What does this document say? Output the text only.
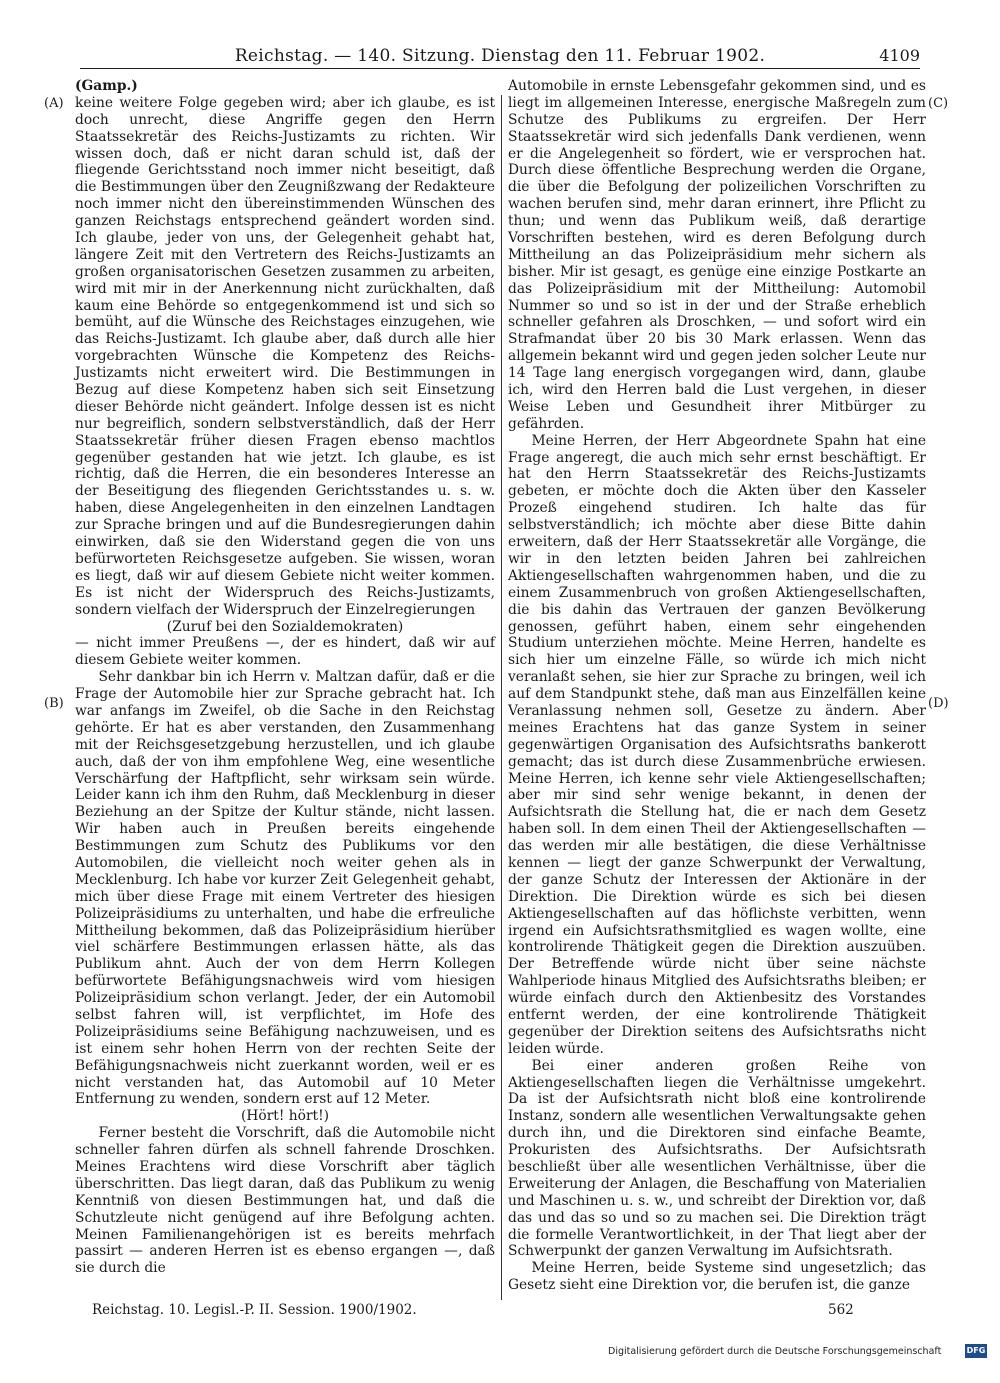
Reichstag. — 140. Sitzung. Dienstag den 11. Februar 1902.	4109
(A)	(C)
(B)	(D)

(Gamp.)

keine weitere Folge gegeben wird; aber ich glaube, es ist doch unrecht, diese Angriffe gegen den Herrn Staatssekretär des Reichs-Justizamts zu richten. Wir wissen doch, daß er nicht daran schuld ist, daß der fliegende Gerichtsstand noch immer nicht beseitigt, daß die Bestimmungen über den Zeugnißzwang der Redakteure noch immer nicht den übereinstimmenden Wünschen des ganzen Reichstags entsprechend geändert worden sind. Ich glaube, jeder von uns, der Gelegenheit gehabt hat, längere Zeit mit den Vertretern des Reichs-Justizamts an großen organisatorischen Gesetzen zusammen zu arbeiten, wird mit mir in der Anerkennung nicht zurückhalten, daß kaum eine Behörde so entgegenkommend ist und sich so bemüht, auf die Wünsche des Reichstages einzugehen, wie das Reichs-Justizamt. Ich glaube aber, daß durch alle hier vorgebrachten Wünsche die Kompetenz des Reichs-Justizamts nicht erweitert wird. Die Bestimmungen in Bezug auf diese Kompetenz haben sich seit Einsetzung dieser Behörde nicht geändert. Infolge dessen ist es nicht nur begreiflich, sondern selbstverständlich, daß der Herr Staatssekretär früher diesen Fragen ebenso machtlos gegenüber gestanden hat wie jetzt. Ich glaube, es ist richtig, daß die Herren, die ein besonderes Interesse an der Beseitigung des fliegenden Gerichtsstandes u. s. w. haben, diese Angelegenheiten in den einzelnen Landtagen zur Sprache bringen und auf die Bundesregierungen dahin einwirken, daß sie den Widerstand gegen die von uns befürworteten Reichsgesetze aufgeben. Sie wissen, woran es liegt, daß wir auf diesem Gebiete nicht weiter kommen. Es ist nicht der Widerspruch des Reichs-Justizamts, sondern vielfach der Widerspruch der Einzelregierungen

(Zuruf bei den Sozialdemokraten)

— nicht immer Preußens —, der es hindert, daß wir auf diesem Gebiete weiter kommen.

Sehr dankbar bin ich Herrn v. Maltzan dafür, daß er die Frage der Automobile hier zur Sprache gebracht hat. Ich war anfangs im Zweifel, ob die Sache in den Reichstag gehörte. Er hat es aber verstanden, den Zusammenhang mit der Reichsgesetzgebung herzustellen, und ich glaube auch, daß der von ihm empfohlene Weg, eine wesentliche Verschärfung der Haftpflicht, sehr wirksam sein würde. Leider kann ich ihm den Ruhm, daß Mecklenburg in dieser Beziehung an der Spitze der Kultur stände, nicht lassen. Wir haben auch in Preußen bereits eingehende Bestimmungen zum Schutz des Publikums vor den Automobilen, die vielleicht noch weiter gehen als in Mecklenburg. Ich habe vor kurzer Zeit Gelegenheit gehabt, mich über diese Frage mit einem Vertreter des hiesigen Polizeipräsidiums zu unterhalten, und habe die erfreuliche Mittheilung bekommen, daß das Polizeipräsidium hierüber viel schärfere Bestimmungen erlassen hätte, als das Publikum ahnt. Auch der von dem Herrn Kollegen befürwortete Befähigungsnachweis wird vom hiesigen Polizeipräsidium schon verlangt. Jeder, der ein Automobil selbst fahren will, ist verpflichtet, im Hofe des Polizeipräsidiums seine Befähigung nachzuweisen, und es ist einem sehr hohen Herrn von der rechten Seite der Befähigungsnachweis nicht zuerkannt worden, weil er es nicht verstanden hat, das Automobil auf 10 Meter Entfernung zu wenden, sondern erst auf 12 Meter.

(Hört! hört!)

Ferner besteht die Vorschrift, daß die Automobile nicht schneller fahren dürfen als schnell fahrende Droschken. Meines Erachtens wird diese Vorschrift aber täglich überschritten. Das liegt daran, daß das Publikum zu wenig Kenntniß von diesen Bestimmungen hat, und daß die Schutzleute nicht genügend auf ihre Befolgung achten. Meinen Familienangehörigen ist es bereits mehrfach passirt — anderen Herren ist es ebenso ergangen —, daß sie durch die

Automobile in ernste Lebensgefahr gekommen sind, und es liegt im allgemeinen Interesse, energische Maßregeln zum Schutze des Publikums zu ergreifen. Der Herr Staatssekretär wird sich jedenfalls Dank verdienen, wenn er die Angelegenheit so fördert, wie er versprochen hat. Durch diese öffentliche Besprechung werden die Organe, die über die Befolgung der polizeilichen Vorschriften zu wachen berufen sind, mehr daran erinnert, ihre Pflicht zu thun; und wenn das Publikum weiß, daß derartige Vorschriften bestehen, wird es deren Befolgung durch Mittheilung an das Polizeipräsidium mehr sichern als bisher. Mir ist gesagt, es genüge eine einzige Postkarte an das Polizeipräsidium mit der Mittheilung: Automobil Nummer so und so ist in der und der Straße erheblich schneller gefahren als Droschken, — und sofort wird ein Strafmandat über 20 bis 30 Mark erlassen. Wenn das allgemein bekannt wird und gegen jeden solcher Leute nur 14 Tage lang energisch vorgegangen wird, dann, glaube ich, wird den Herren bald die Lust vergehen, in dieser Weise Leben und Gesundheit ihrer Mitbürger zu gefährden.

Meine Herren, der Herr Abgeordnete Spahn hat eine Frage angeregt, die auch mich sehr ernst beschäftigt. Er hat den Herrn Staatssekretär des Reichs-Justizamts gebeten, er möchte doch die Akten über den Kasseler Prozeß eingehend studiren. Ich halte das für selbstverständlich; ich möchte aber diese Bitte dahin erweitern, daß der Herr Staatssekretär alle Vorgänge, die wir in den letzten beiden Jahren bei zahlreichen Aktiengesellschaften wahrgenommen haben, und die zu einem Zusammenbruch von großen Aktiengesellschaften, die bis dahin das Vertrauen der ganzen Bevölkerung genossen, geführt haben, einem sehr eingehenden Studium unterziehen möchte. Meine Herren, handelte es sich hier um einzelne Fälle, so würde ich mich nicht veranlaßt sehen, sie hier zur Sprache zu bringen, weil ich auf dem Standpunkt stehe, daß man aus Einzelfällen keine Veranlassung nehmen soll, Gesetze zu ändern. Aber meines Erachtens hat das ganze System in seiner gegenwärtigen Organisation des Aufsichtsraths bankerott gemacht; das ist durch diese Zusammenbrüche erwiesen. Meine Herren, ich kenne sehr viele Aktiengesellschaften; aber mir sind sehr wenige bekannt, in denen der Aufsichtsrath die Stellung hat, die er nach dem Gesetz haben soll. In dem einen Theil der Aktiengesellschaften — das werden mir alle bestätigen, die diese Verhältnisse kennen — liegt der ganze Schwerpunkt der Verwaltung, der ganze Schutz der Interessen der Aktionäre in der Direktion. Die Direktion würde es sich bei diesen Aktiengesellschaften auf das höflichste verbitten, wenn irgend ein Aufsichtsrathsmitglied es wagen wollte, eine kontrolirende Thätigkeit gegen die Direktion auszuüben. Der Betreffende würde nicht über seine nächste Wahlperiode hinaus Mitglied des Aufsichtsraths bleiben; er würde einfach durch den Aktienbesitz des Vorstandes entfernt werden, der eine kontrolirende Thätigkeit gegenüber der Direktion seitens des Aufsichtsraths nicht leiden würde.

Bei einer anderen großen Reihe von Aktiengesellschaften liegen die Verhältnisse umgekehrt. Da ist der Aufsichtsrath nicht bloß eine kontrolirende Instanz, sondern alle wesentlichen Verwaltungsakte gehen durch ihn, und die Direktoren sind einfache Beamte, Prokuristen des Aufsichtsraths. Der Aufsichtsrath beschließt über alle wesentlichen Verhältnisse, über die Erweiterung der Anlagen, die Beschaffung von Materialien und Maschinen u. s. w., und schreibt der Direktion vor, daß das und das so und so zu machen sei. Die Direktion trägt die formelle Verantwortlichkeit, in der That liegt aber der Schwerpunkt der ganzen Verwaltung im Aufsichtsrath.

Meine Herren, beide Systeme sind ungesetzlich; das Gesetz sieht eine Direktion vor, die berufen ist, die ganze

Reichstag. 10. Legisl.-P. II. Session. 1900/1902.	562
Digitalisierung gefördert durch die Deutsche Forschungsgemeinschaft	DFG
